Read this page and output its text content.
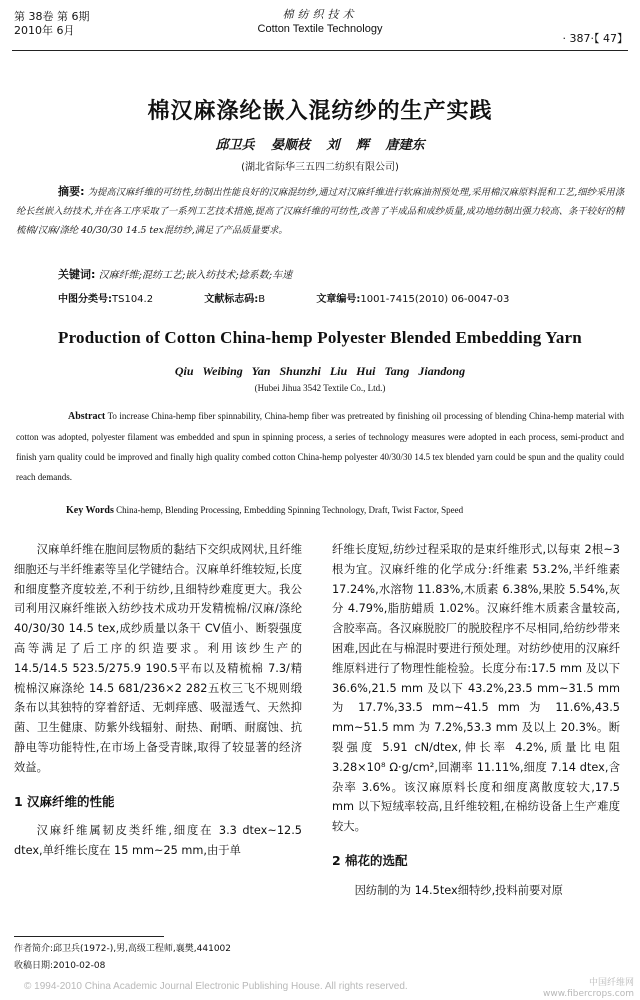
第 38卷 第 6期
2010年 6月
棉纺织技术
Cotton Textile Technology
· 387·【 47】
棉汉麻涤纶嵌入混纺纱的生产实践
邱卫兵 晏顺枝 刘 辉 唐建东
(湖北省际华三五四二纺织有限公司)
摘要: 为提高汉麻纤维的可纺性,纺制出性能良好的汉麻混纺纱,通过对汉麻纤维进行软麻油剂预处理,采用棉汉麻原料混和工艺,细纱采用涤纶长丝嵌入纺技术,并在各工序采取了一系列工艺技术措施,提高了汉麻纤维的可纺性,改善了半成品和成纱质量,成功地纺制出强力较高、条干较好的精梳棉/汉麻/涤纶 40/30/30 14.5 tex混纺纱,满足了产品质量要求。
关键词: 汉麻纤维;混纺工艺;嵌入纺技术;捻系数;车速
中图分类号:TS104.2	文献标志码:B	文章编号:1001-7415(2010) 06-0047-03
Production of Cotton China-hemp Polyester Blended Embedding Yarn
Qiu Weibing Yan Shunzhi Liu Hui Tang Jiandong
(Hubei Jihua 3542 Textile Co., Ltd.)
Abstract To increase China-hemp fiber spinnability, China-hemp fiber was pretreated by finishing oil processing of blending China-hemp material with cotton was adopted, polyester filament was embedded and spun in spinning process, a series of technology measures were adopted in each process, semi-product and finish yarn quality could be improved and finally high quality combed cotton China-hemp polyester 40/30/30 14.5 tex blended yarn could be spun and the quality could reach demands.
Key Words China-hemp, Blending Processing, Embedding Spinning Technology, Draft, Twist Factor, Speed

汉麻单纤维在胞间层物质的黏结下交织成网状,且纤维细胞还与半纤维素等呈化学键结合。汉麻单纤维较短,长度和细度整齐度较差,不利于纺纱,且细特纱难度更大。我公司利用汉麻纤维嵌入纺纱技术成功开发精梳棉/汉麻/涤纶 40/30/30 14.5 tex,成纱质量以条干 CV值小、断裂强度高等满足了后工序的织造要求。利用该纱生产的 14.5/14.5 523.5/275.9 190.5平布以及精梳棉 7.3/精梳棉汉麻涤纶 14.5 681/236×2 282五枚三飞不规则缎条布以其独特的穿着舒适、无刺痒感、吸湿透气、天然抑菌、卫生健康、防紫外线辐射、耐热、耐晒、耐腐蚀、抗静电等功能特性,在市场上备受青睐,取得了较显著的经济效益。

1 汉麻纤维的性能

汉麻纤维属韧皮类纤维,细度在 3.3 dtex~12.5 dtex,单纤维长度在 15 mm~25 mm,由于单

纤维长度短,纺纱过程采取的是束纤维形式,以每束 2根~3根为宜。汉麻纤维的化学成分:纤维素 53.2%,半纤维素 17.24%,水溶物 11.83%,木质素 6.38%,果胶 5.54%,灰分 4.79%,脂肪蜡质 1.02%。汉麻纤维木质素含量较高,含胶率高。各汉麻脱胶厂的脱胶程序不尽相同,给纺纱带来困难,因此在与棉混时要进行预处理。对纺纱使用的汉麻纤维原料进行了物理性能检验。长度分布:17.5 mm 及以下 36.6%,21.5 mm 及以下 43.2%,23.5 mm~31.5 mm 为 17.7%,33.5 mm~41.5 mm 为 11.6%,43.5 mm~51.5 mm 为 7.2%,53.3 mm 及以上 20.3%。断裂强度 5.91 cN/dtex,伸长率 4.2%,质量比电阻 3.28×10⁸ Ω·g/cm²,回潮率 11.11%,细度 7.14 dtex,含杂率 3.6%。该汉麻原料长度和细度离散度较大,17.5 mm 以下短绒率较高,且纤维较粗,在棉纺设备上生产难度较大。

2 棉花的选配

因纺制的为 14.5tex细特纱,投料前要对原

作者简介:邱卫兵(1972-),男,高级工程师,襄樊,441002
收稿日期:2010-02-08
© 1994-2010 China Academic Journal Electronic Publishing House. All rights reserved.	中国纤维网
www.fibercrops.com
